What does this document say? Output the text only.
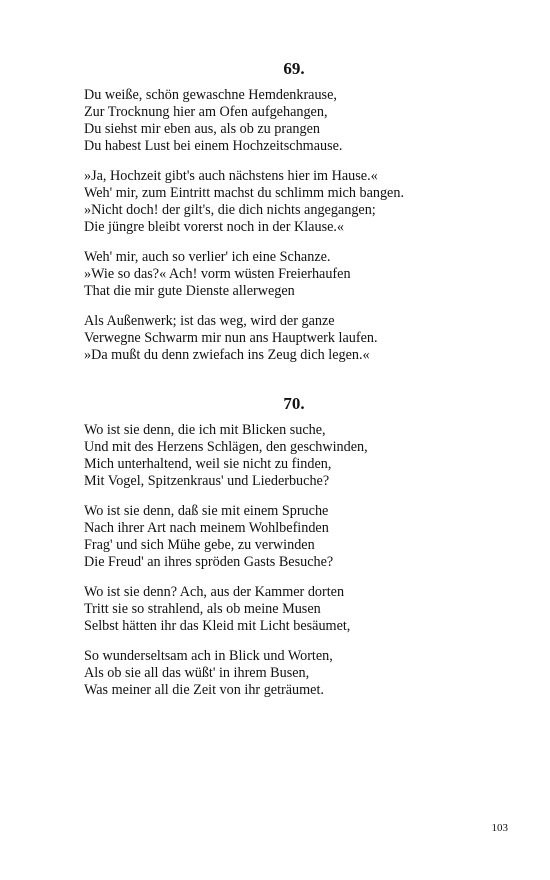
69.
Du weiße, schön gewaschne Hemdenkrause,
Zur Trocknung hier am Ofen aufgehangen,
Du siehst mir eben aus, als ob zu prangen
Du habest Lust bei einem Hochzeitschmause.
»Ja, Hochzeit gibt's auch nächstens hier im Hause.«
Weh' mir, zum Eintritt machst du schlimm mich bangen.
»Nicht doch! der gilt's, die dich nichts angegangen;
Die jüngre bleibt vorerst noch in der Klause.«
Weh' mir, auch so verlier' ich eine Schanze.
»Wie so das?« Ach! vorm wüsten Freierhaufen
That die mir gute Dienste allerwegen
Als Außenwerk; ist das weg, wird der ganze
Verwegne Schwarm mir nun ans Hauptwerk laufen.
»Da mußt du denn zwiefach ins Zeug dich legen.«
70.
Wo ist sie denn, die ich mit Blicken suche,
Und mit des Herzens Schlägen, den geschwinden,
Mich unterhaltend, weil sie nicht zu finden,
Mit Vogel, Spitzenkraus' und Liederbuche?
Wo ist sie denn, daß sie mit einem Spruche
Nach ihrer Art nach meinem Wohlbefinden
Frag' und sich Mühe gebe, zu verwinden
Die Freud' an ihres spröden Gasts Besuche?
Wo ist sie denn? Ach, aus der Kammer dorten
Tritt sie so strahlend, als ob meine Musen
Selbst hätten ihr das Kleid mit Licht besäumet,
So wunderseltsam ach in Blick und Worten,
Als ob sie all das wüßt' in ihrem Busen,
Was meiner all die Zeit von ihr geträumet.
103
